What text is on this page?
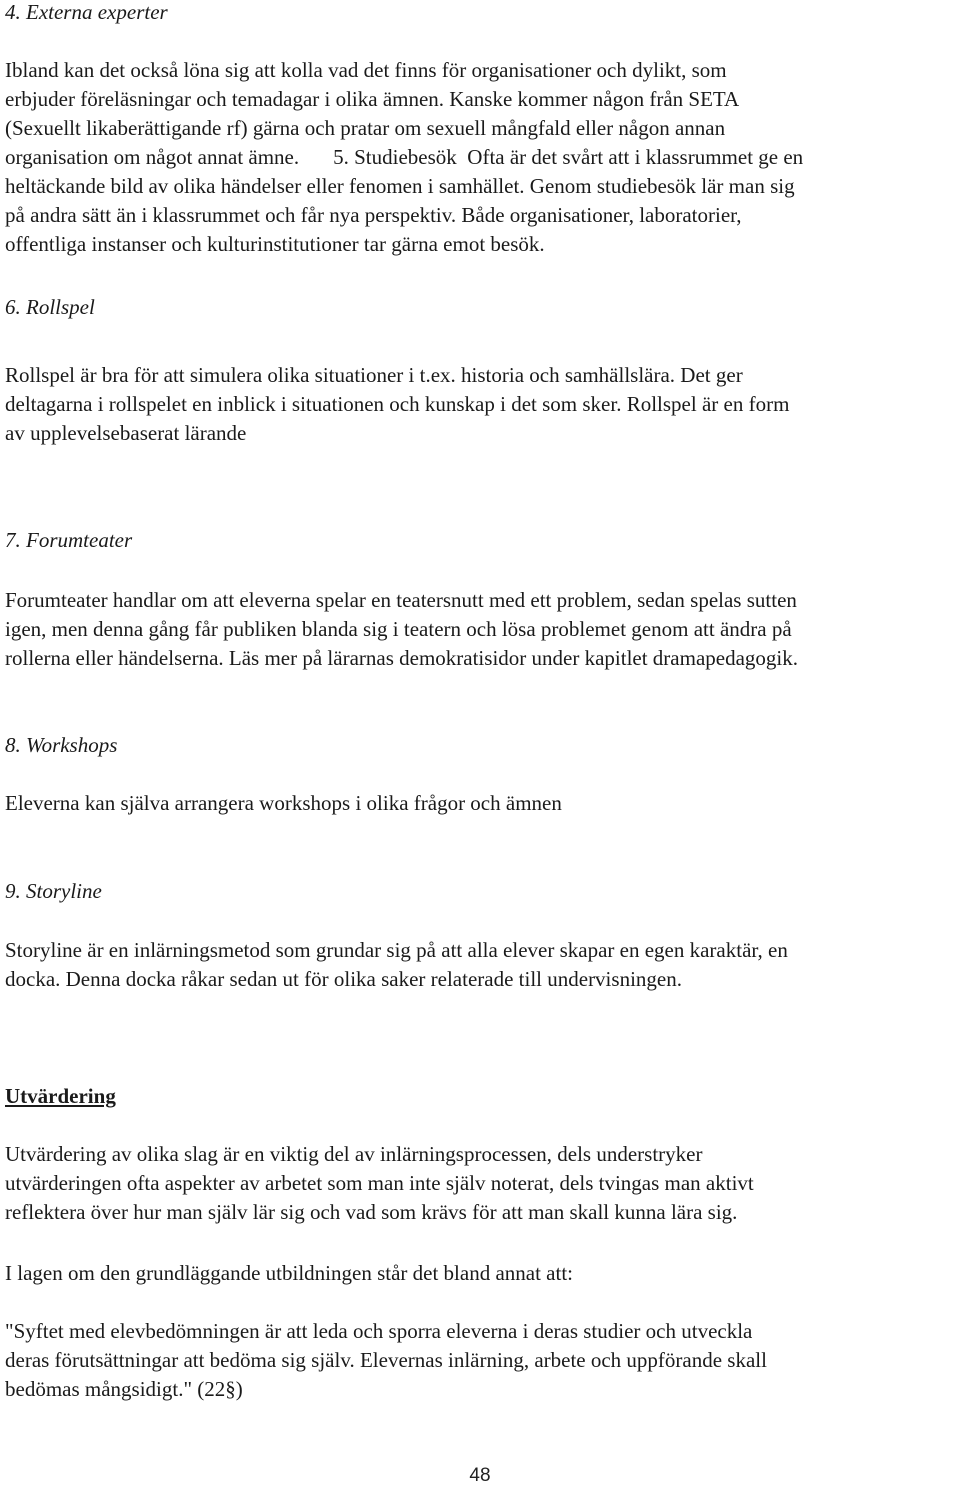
4. Externa experter

Ibland kan det också löna sig att kolla vad det finns för organisationer och dylikt, som
erbjuder föreläsningar och temadagar i olika ämnen. Kanske kommer någon från SETA
(Sexuellt likaberättigande rf) gärna och pratar om sexuell mångfald eller någon annan
organisation om något annat ämne. 5. Studiebesök Ofta är det svårt att i klassrummet ge en
heltäckande bild av olika händelser eller fenomen i samhället. Genom studiebesök lär man sig
på andra sätt än i klassrummet och får nya perspektiv. Både organisationer, laboratorier,
offentliga instanser och kulturinstitutioner tar gärna emot besök.

6. Rollspel

Rollspel är bra för att simulera olika situationer i t.ex. historia och samhällslära. Det ger
deltagarna i rollspelet en inblick i situationen och kunskap i det som sker. Rollspel är en form
av upplevelsebaserat lärande

7. Forumteater

Forumteater handlar om att eleverna spelar en teatersnutt med ett problem, sedan spelas sutten
igen, men denna gång får publiken blanda sig i teatern och lösa problemet genom att ändra på
rollerna eller händelserna. Läs mer på lärarnas demokratisidor under kapitlet dramapedagogik.

8. Workshops

Eleverna kan själva arrangera workshops i olika frågor och ämnen

9. Storyline

Storyline är en inlärningsmetod som grundar sig på att alla elever skapar en egen karaktär, en
docka. Denna docka råkar sedan ut för olika saker relaterade till undervisningen.

Utvärdering

Utvärdering av olika slag är en viktig del av inlärningsprocessen, dels understryker
utvärderingen ofta aspekter av arbetet som man inte själv noterat, dels tvingas man aktivt
reflektera över hur man själv lär sig och vad som krävs för att man skall kunna lära sig.

I lagen om den grundläggande utbildningen står det bland annat att:

"Syftet med elevbedömningen är att leda och sporra eleverna i deras studier och utveckla
deras förutsättningar att bedöma sig själv. Elevernas inlärning, arbete och uppförande skall
bedömas mångsidigt." (22§)

48
